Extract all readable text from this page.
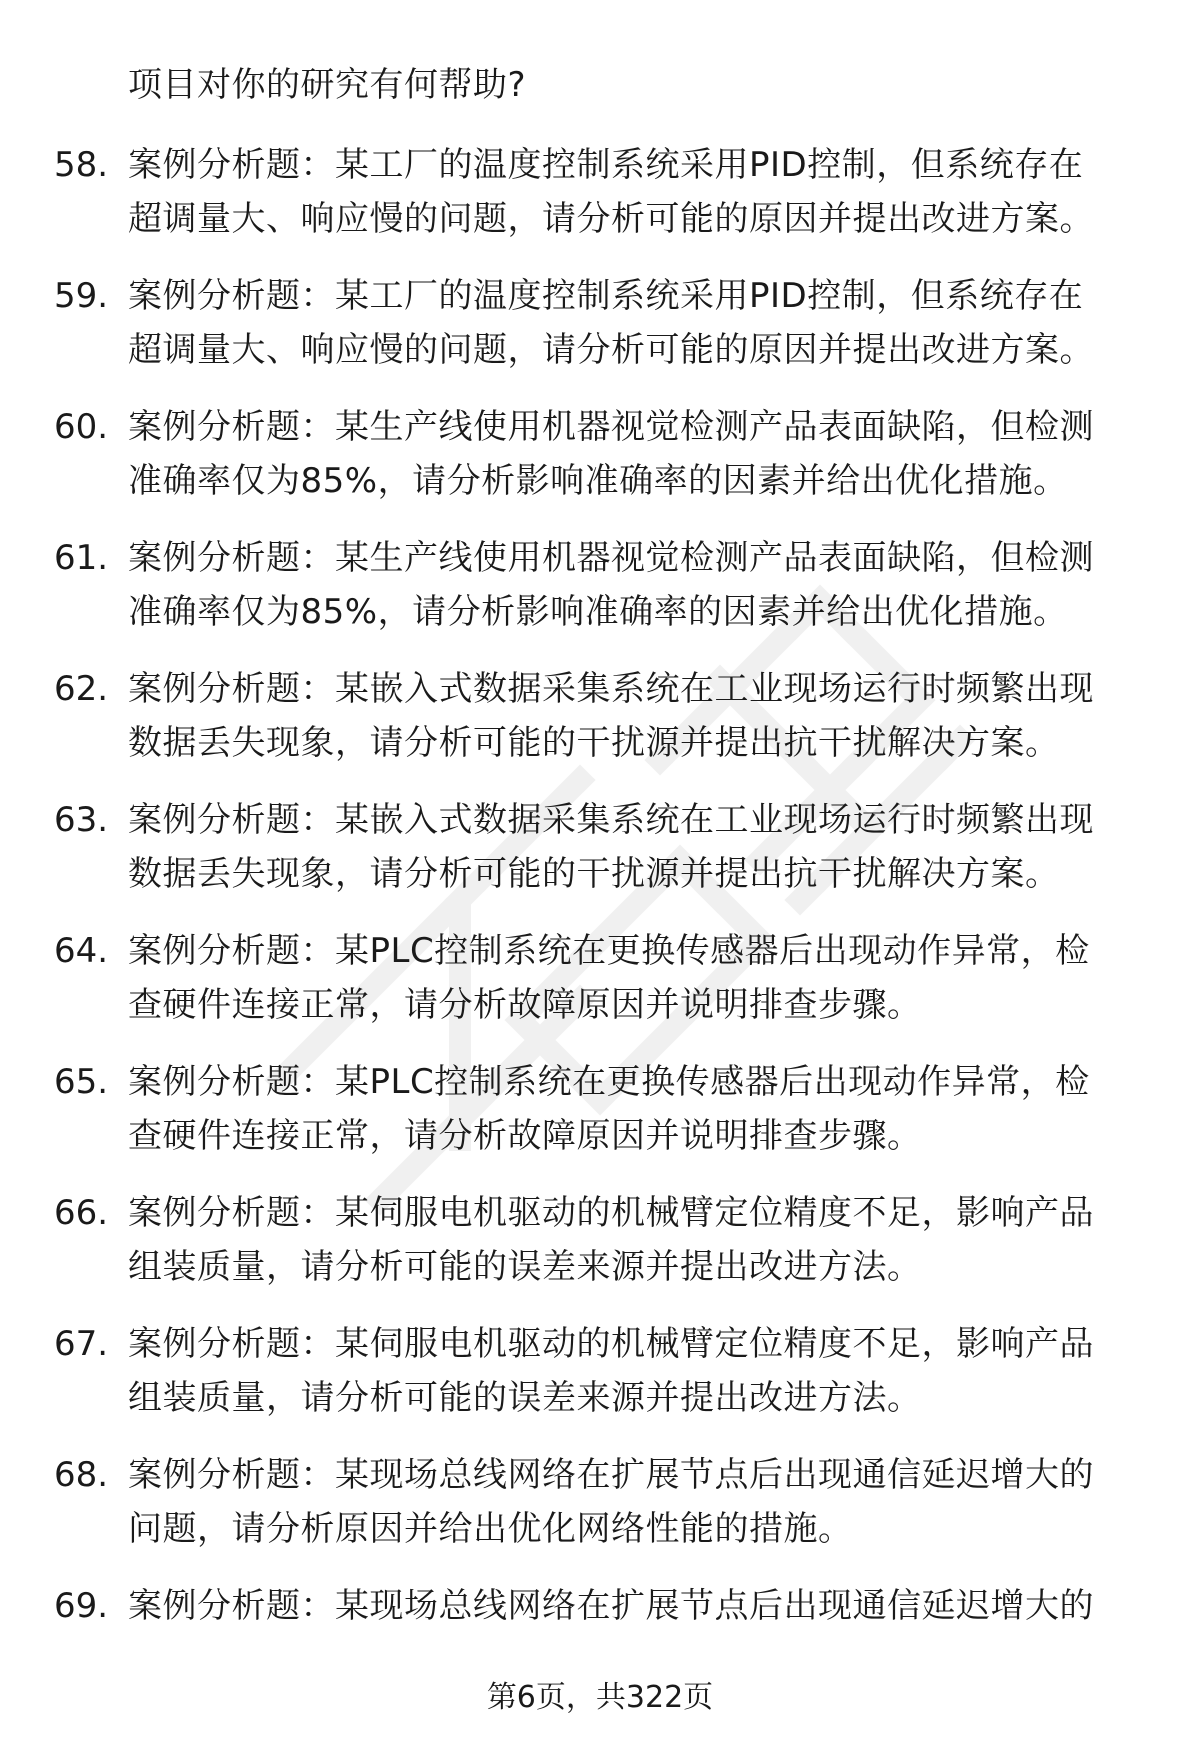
项目对你的研究有何帮助?
58. 案例分析题：某工厂的温度控制系统采用PID控制，但系统存在
超调量大、响应慢的问题，请分析可能的原因并提出改进方案。
59. 案例分析题：某工厂的温度控制系统采用PID控制，但系统存在
超调量大、响应慢的问题，请分析可能的原因并提出改进方案。
60. 案例分析题：某生产线使用机器视觉检测产品表面缺陷，但检测
准确率仅为85%，请分析影响准确率的因素并给出优化措施。
61. 案例分析题：某生产线使用机器视觉检测产品表面缺陷，但检测
准确率仅为85%，请分析影响准确率的因素并给出优化措施。
62. 案例分析题：某嵌入式数据采集系统在工业现场运行时频繁出现
数据丢失现象，请分析可能的干扰源并提出抗干扰解决方案。
63. 案例分析题：某嵌入式数据采集系统在工业现场运行时频繁出现
数据丢失现象，请分析可能的干扰源并提出抗干扰解决方案。
64. 案例分析题：某PLC控制系统在更换传感器后出现动作异常，检
查硬件连接正常，请分析故障原因并说明排查步骤。
65. 案例分析题：某PLC控制系统在更换传感器后出现动作异常，检
查硬件连接正常，请分析故障原因并说明排查步骤。
66. 案例分析题：某伺服电机驱动的机械臂定位精度不足，影响产品
组装质量，请分析可能的误差来源并提出改进方法。
67. 案例分析题：某伺服电机驱动的机械臂定位精度不足，影响产品
组装质量，请分析可能的误差来源并提出改进方法。
68. 案例分析题：某现场总线网络在扩展节点后出现通信延迟增大的
问题，请分析原因并给出优化网络性能的措施。
69. 案例分析题：某现场总线网络在扩展节点后出现通信延迟增大的
第6页，共322页
